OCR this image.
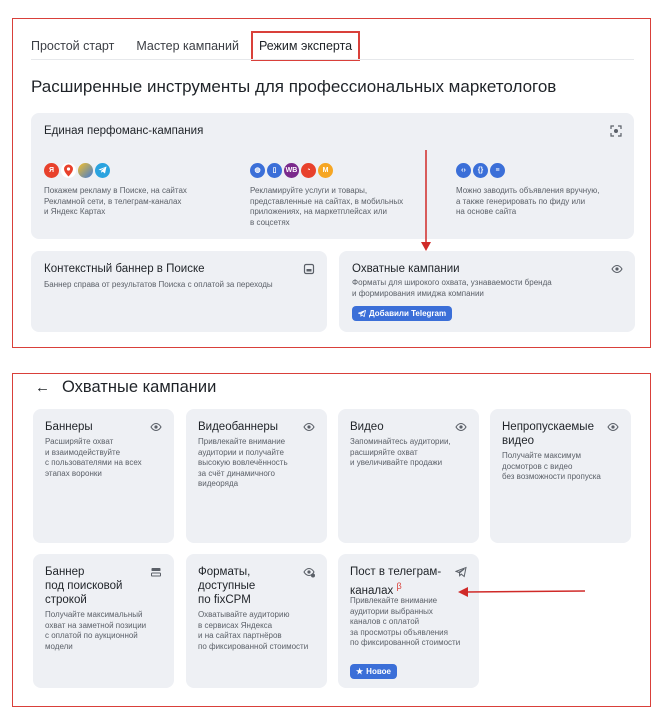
Простой старт	Мастер кампаний	Режим эксперта
Расширенные инструменты для профессиональных маркетологов
Единая перфоманс-кампания
Я
Покажем рекламу в Поиске, на сайтах
Рекламной сети, в телеграм-каналах
и Яндекс Картах
◍	▯	WB	◔	M
Рекламируйте услуги и товары,
представленные на сайтах, в мобильных
приложениях, на маркетплейсах или
в соцсетях
‹›	{}	≡
Можно заводить объявления вручную,
а также генерировать по фиду или
на основе сайта
Контекстный баннер в Поиске
Баннер справа от результатов Поиска с оплатой за переходы
Охватные кампании
Форматы для широкого охвата, узнаваемости бренда
и формирования имиджа компании
Добавили Telegram
← Охватные кампании
Баннеры
Расширяйте охват
и взаимодействуйте
с пользователями на всех
этапах воронки
Видеобаннеры
Привлекайте внимание
аудитории и получайте
высокую вовлечённость
за счёт динамичного
видеоряда
Видео
Запоминайтесь аудитории,
расширяйте охват
и увеличивайте продажи
Непропускаемые
видео
Получайте максимум
досмотров с видео
без возможности пропуска
Баннер
под поисковой
строкой
Получайте максимальный
охват на заметной позиции
с оплатой по аукционной
модели
Форматы,
доступные
по fixCPM
Охватывайте аудиторию
в сервисах Яндекса
и на сайтах партнёров
по фиксированной стоимости
Пост в телеграм-
каналах $^\beta$
Привлекайте внимание
аудитории выбранных
каналов с оплатой
за просмотры объявления
по фиксированной стоимости
★ Новое
